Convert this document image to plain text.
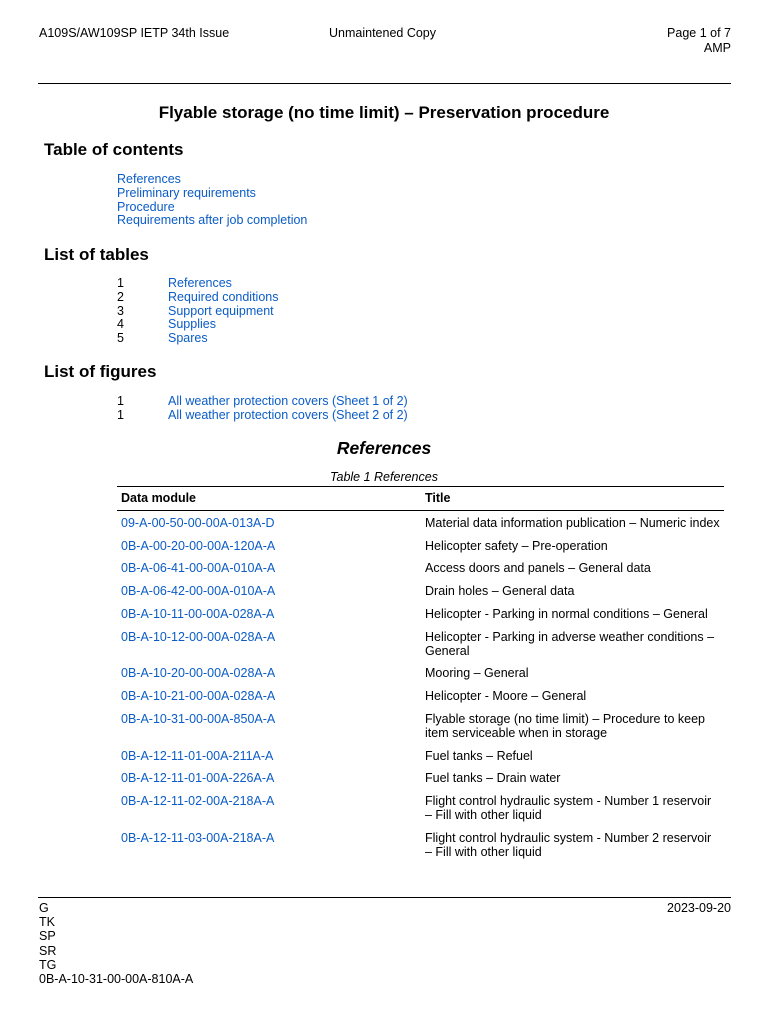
A109S/AW109SP IETP 34th Issue	Unmaintened Copy	Page 1 of 7
AMP
Flyable storage (no time limit) – Preservation procedure
Table of contents
References
Preliminary requirements
Procedure
Requirements after job completion
List of tables
1	References
2	Required conditions
3	Support equipment
4	Supplies
5	Spares
List of figures
1	All weather protection covers (Sheet 1 of 2)
1	All weather protection covers (Sheet 2 of 2)
References
Table 1 References
Data module	Title
09-A-00-50-00-00A-013A-D	Material data information publication – Numeric index
0B-A-00-20-00-00A-120A-A	Helicopter safety – Pre-operation
0B-A-06-41-00-00A-010A-A	Access doors and panels – General data
0B-A-06-42-00-00A-010A-A	Drain holes – General data
0B-A-10-11-00-00A-028A-A	Helicopter - Parking in normal conditions – General
0B-A-10-12-00-00A-028A-A	Helicopter - Parking in adverse weather conditions – General
0B-A-10-20-00-00A-028A-A	Mooring – General
0B-A-10-21-00-00A-028A-A	Helicopter - Moore – General
0B-A-10-31-00-00A-850A-A	Flyable storage (no time limit) – Procedure to keep item serviceable when in storage
0B-A-12-11-01-00A-211A-A	Fuel tanks – Refuel
0B-A-12-11-01-00A-226A-A	Fuel tanks – Drain water
0B-A-12-11-02-00A-218A-A	Flight control hydraulic system - Number 1 reservoir – Fill with other liquid
0B-A-12-11-03-00A-218A-A	Flight control hydraulic system - Number 2 reservoir – Fill with other liquid
G
TK
SP
SR
TG
0B-A-10-31-00-00A-810A-A
2023-09-20
